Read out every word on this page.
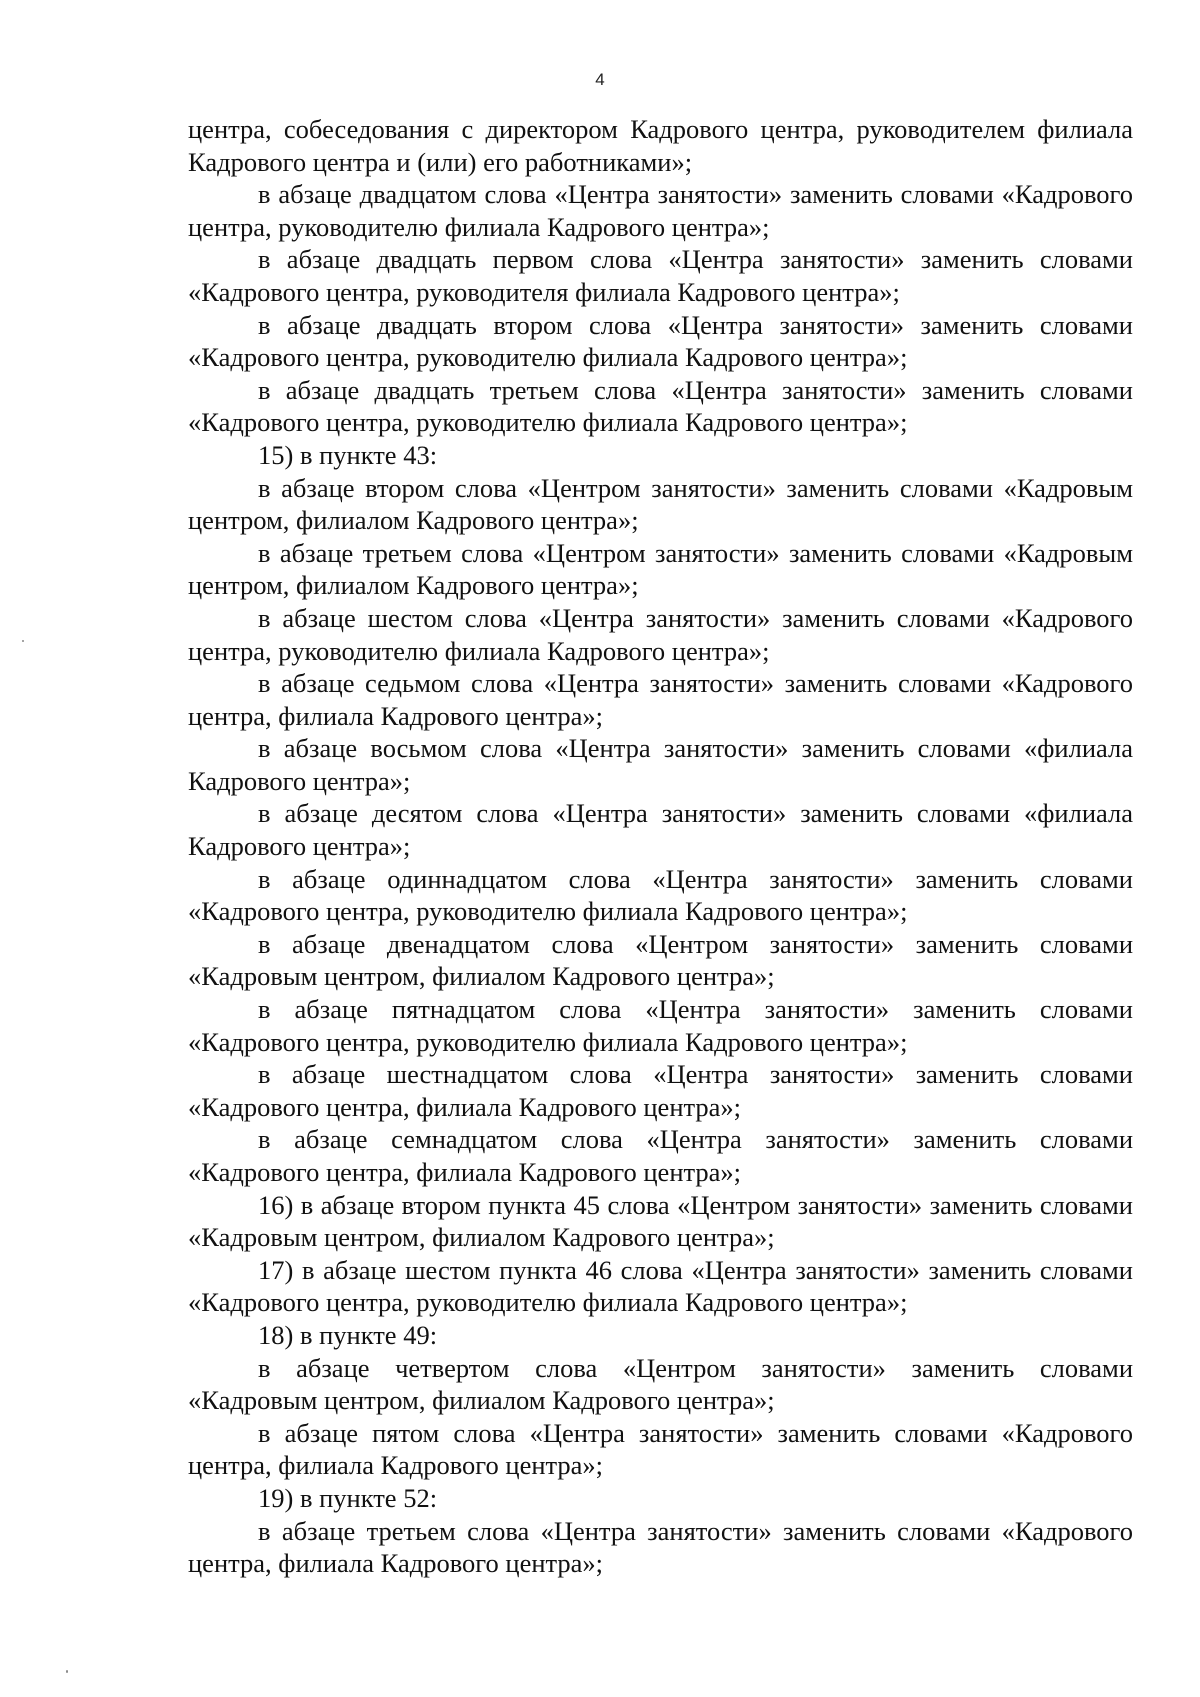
4

центра, собеседования с директором Кадрового центра, руководителем филиала Кадрового центра и (или) его работниками»;

в абзаце двадцатом слова «Центра занятости» заменить словами «Кадрового центра, руководителю филиала Кадрового центра»;

в абзаце двадцать первом слова «Центра занятости» заменить словами «Кадрового центра, руководителя филиала Кадрового центра»;

в абзаце двадцать втором слова «Центра занятости» заменить словами «Кадрового центра, руководителю филиала Кадрового центра»;

в абзаце двадцать третьем слова «Центра занятости» заменить словами «Кадрового центра, руководителю филиала Кадрового центра»;

15) в пункте 43:

в абзаце втором слова «Центром занятости» заменить словами «Кадровым центром, филиалом Кадрового центра»;

в абзаце третьем слова «Центром занятости» заменить словами «Кадровым центром, филиалом Кадрового центра»;

в абзаце шестом слова «Центра занятости» заменить словами «Кадрового центра, руководителю филиала Кадрового центра»;

в абзаце седьмом слова «Центра занятости» заменить словами «Кадрового центра, филиала Кадрового центра»;

в абзаце восьмом слова «Центра занятости» заменить словами «филиала Кадрового центра»;

в абзаце десятом слова «Центра занятости» заменить словами «филиала Кадрового центра»;

в абзаце одиннадцатом слова «Центра занятости» заменить словами «Кадрового центра, руководителю филиала Кадрового центра»;

в абзаце двенадцатом слова «Центром занятости» заменить словами «Кадровым центром, филиалом Кадрового центра»;

в абзаце пятнадцатом слова «Центра занятости» заменить словами «Кадрового центра, руководителю филиала Кадрового центра»;

в абзаце шестнадцатом слова «Центра занятости» заменить словами «Кадрового центра, филиала Кадрового центра»;

в абзаце семнадцатом слова «Центра занятости» заменить словами «Кадрового центра, филиала Кадрового центра»;

16) в абзаце втором пункта 45 слова «Центром занятости» заменить словами «Кадровым центром, филиалом Кадрового центра»;

17) в абзаце шестом пункта 46 слова «Центра занятости» заменить словами «Кадрового центра, руководителю филиала Кадрового центра»;

18) в пункте 49:

в абзаце четвертом слова «Центром занятости» заменить словами «Кадровым центром, филиалом Кадрового центра»;

в абзаце пятом слова «Центра занятости» заменить словами «Кадрового центра, филиала Кадрового центра»;

19) в пункте 52:

в абзаце третьем слова «Центра занятости» заменить словами «Кадрового центра, филиала Кадрового центра»;
